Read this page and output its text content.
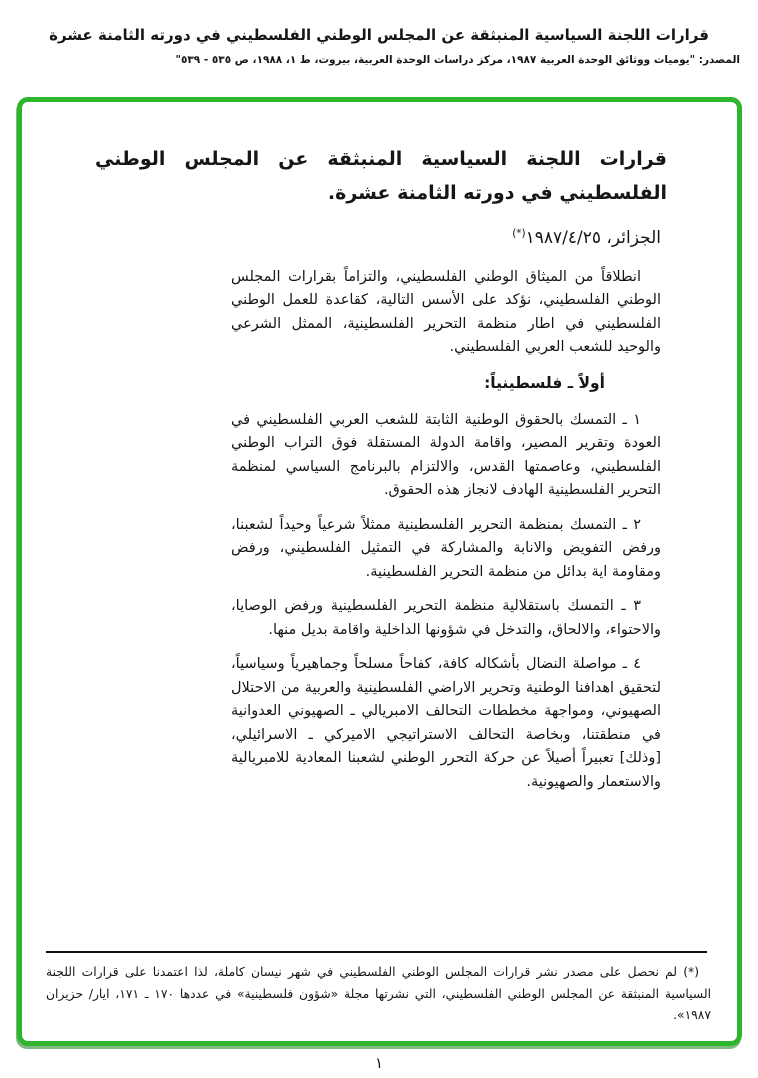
قرارات اللجنة السياسية المنبثقة عن المجلس الوطني الفلسطيني في دورته الثامنة عشرة
المصدر: "يوميات ووثائق الوحدة العربية ١٩٨٧، مركز دراسات الوحدة العربية، بيروت، ط ١، ١٩٨٨، ص ٥٣٥ - ٥٣٩"
قرارات اللجنة السياسية المنبثقة عن المجلس الوطني الفلسطيني في دورته الثامنة عشرة.
الجزائر، ١٩٨٧/٤/٢٥(*)

انطلاقاً من الميثاق الوطني الفلسطيني، والتزاماً بقرارات المجلس الوطني الفلسطيني، نؤكد على الأسس التالية، كقاعدة للعمل الوطني الفلسطيني في اطار منظمة التحرير الفلسطينية، الممثل الشرعي والوحيد للشعب العربي الفلسطيني.

أولاً ـ فلسطينياً:

١ ـ التمسك بالحقوق الوطنية الثابتة للشعب العربي الفلسطيني في العودة وتقرير المصير، واقامة الدولة المستقلة فوق التراب الوطني الفلسطيني، وعاصمتها القدس، والالتزام بالبرنامج السياسي لمنظمة التحرير الفلسطينية الهادف لانجاز هذه الحقوق.

٢ ـ التمسك بمنظمة التحرير الفلسطينية ممثلاً شرعياً وحيداً لشعبنا، ورفض التفويض والانابة والمشاركة في التمثيل الفلسطيني، ورفض ومقاومة اية بدائل من منظمة التحرير الفلسطينية.

٣ ـ التمسك باستقلالية منظمة التحرير الفلسطينية ورفض الوصايا، والاحتواء، والالحاق، والتدخل في شؤونها الداخلية واقامة بديل منها.

٤ ـ مواصلة النضال بأشكاله كافة، كفاحاً مسلحاً وجماهيرياً وسياسياً، لتحقيق اهدافنا الوطنية وتحرير الاراضي الفلسطينية والعربية من الاحتلال الصهيوني، ومواجهة مخططات التحالف الامبريالي ـ الصهيوني العدوانية في منطقتنا، وبخاصة التحالف الاستراتيجي الاميركي ـ الاسرائيلي، [وذلك] تعبيراً أصيلاً عن حركة التحرر الوطني لشعبنا المعادية للامبريالية والاستعمار والصهيونية.

(*) لم نحصل على مصدر نشر قرارات المجلس الوطني الفلسطيني في شهر نيسان كاملة، لذا اعتمدنا على قرارات اللجنة السياسية المنبثقة عن المجلس الوطني الفلسطيني، التي نشرتها مجلة «شؤون فلسطينية» في عددها ١٧٠ ـ ١٧١، ايار/ حزيران ١٩٨٧».

١
